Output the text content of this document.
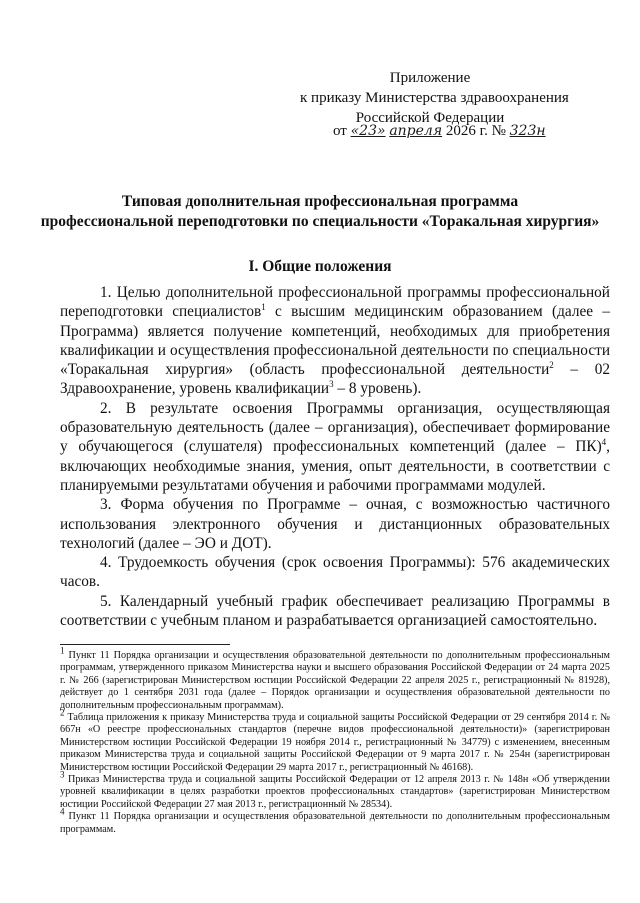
Приложение
к приказу Министерства здравоохранения
Российской Федерации
от «23» апреля 2026 г. № 323н
Типовая дополнительная профессиональная программа
профессиональной переподготовки по специальности «Торакальная хирургия»
I. Общие положения

1. Целью дополнительной профессиональной программы профессиональной переподготовки специалистов$^1$ с высшим медицинским образованием (далее – Программа) является получение компетенций, необходимых для приобретения квалификации и осуществления профессиональной деятельности по специальности «Торакальная хирургия» (область профессиональной деятельности$^2$ – 02 Здравоохранение, уровень квалификации$^3$ – 8 уровень).

2. В результате освоения Программы организация, осуществляющая образовательную деятельность (далее – организация), обеспечивает формирование у обучающегося (слушателя) профессиональных компетенций (далее – ПК)$^4$, включающих необходимые знания, умения, опыт деятельности, в соответствии с планируемыми результатами обучения и рабочими программами модулей.

3. Форма обучения по Программе – очная, с возможностью частичного использования электронного обучения и дистанционных образовательных технологий (далее – ЭО и ДОТ).

4. Трудоемкость обучения (срок освоения Программы): 576 академических часов.

5. Календарный учебный график обеспечивает реализацию Программы в соответствии с учебным планом и разрабатывается организацией самостоятельно.

$^1$ Пункт 11 Порядка организации и осуществления образовательной деятельности по дополнительным профессиональным программам, утвержденного приказом Министерства науки и высшего образования Российской Федерации от 24 марта 2025 г. № 266 (зарегистрирован Министерством юстиции Российской Федерации 22 апреля 2025 г., регистрационный № 81928), действует до 1 сентября 2031 года (далее – Порядок организации и осуществления образовательной деятельности по дополнительным профессиональным программам).

$^2$ Таблица приложения к приказу Министерства труда и социальной защиты Российской Федерации от 29 сентября 2014 г. № 667н «О реестре профессиональных стандартов (перечне видов профессиональной деятельности)» (зарегистрирован Министерством юстиции Российской Федерации 19 ноября 2014 г., регистрационный № 34779) с изменением, внесенным приказом Министерства труда и социальной защиты Российской Федерации от 9 марта 2017 г. № 254н (зарегистрирован Министерством юстиции Российской Федерации 29 марта 2017 г., регистрационный № 46168).

$^3$ Приказ Министерства труда и социальной защиты Российской Федерации от 12 апреля 2013 г. № 148н «Об утверждении уровней квалификации в целях разработки проектов профессиональных стандартов» (зарегистрирован Министерством юстиции Российской Федерации 27 мая 2013 г., регистрационный № 28534).

$^4$ Пункт 11 Порядка организации и осуществления образовательной деятельности по дополнительным профессиональным программам.
